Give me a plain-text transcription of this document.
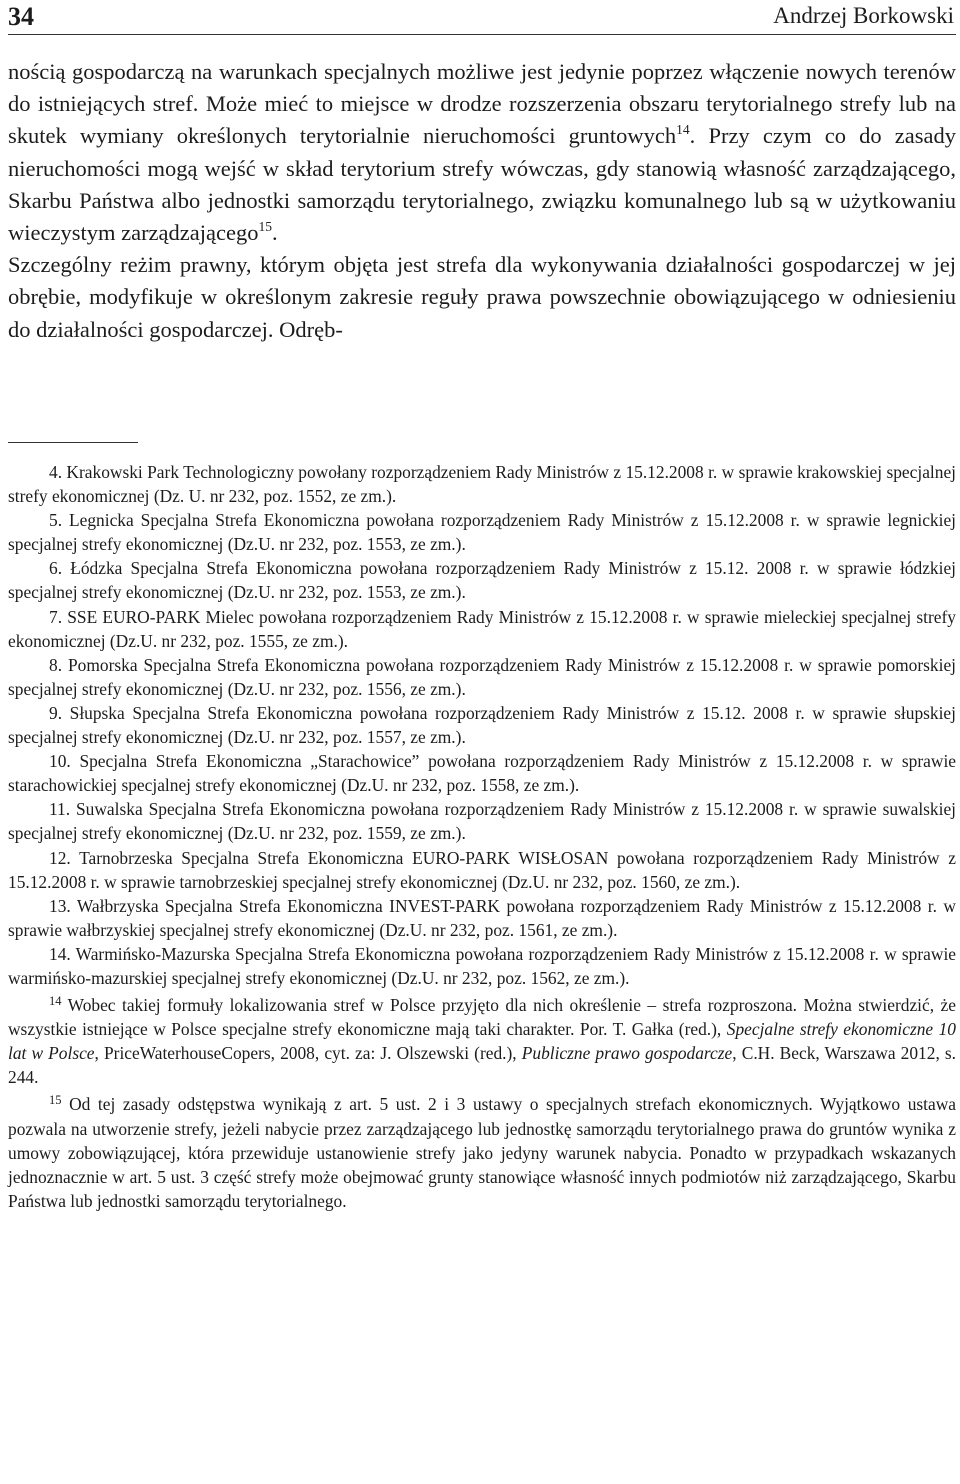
34	Andrzej Borkowski

nością gospodarczą na warunkach specjalnych możliwe jest jedynie poprzez włączenie nowych terenów do istniejących stref. Może mieć to miejsce w drodze rozszerzenia obszaru terytorialnego strefy lub na skutek wymiany określonych terytorialnie nieruchomości gruntowych$^{14}$. Przy czym co do zasady nieruchomości mogą wejść w skład terytorium strefy wówczas, gdy stanowią własność zarządzającego, Skarbu Państwa albo jednostki samorządu terytorialnego, związku komunalnego lub są w użytkowaniu wieczystym zarządzającego$^{15}$.

Szczególny reżim prawny, którym objęta jest strefa dla wykonywania działalności gospodarczej w jej obrębie, modyfikuje w określonym zakresie reguły prawa powszechnie obowiązującego w odniesieniu do działalności gospodarczej. Odręb-

4. Krakowski Park Technologiczny powołany rozporządzeniem Rady Ministrów z 15.12.2008 r. w sprawie krakowskiej specjalnej strefy ekonomicznej (Dz. U. nr 232, poz. 1552, ze zm.).

5. Legnicka Specjalna Strefa Ekonomiczna powołana rozporządzeniem Rady Ministrów z 15.12.2008 r. w sprawie legnickiej specjalnej strefy ekonomicznej (Dz.U. nr 232, poz. 1553, ze zm.).

6. Łódzka Specjalna Strefa Ekonomiczna powołana rozporządzeniem Rady Ministrów z 15.12. 2008 r. w sprawie łódzkiej specjalnej strefy ekonomicznej (Dz.U. nr 232, poz. 1553, ze zm.).

7. SSE EURO-PARK Mielec powołana rozporządzeniem Rady Ministrów z 15.12.2008 r. w sprawie mieleckiej specjalnej strefy ekonomicznej (Dz.U. nr 232, poz. 1555, ze zm.).

8. Pomorska Specjalna Strefa Ekonomiczna powołana rozporządzeniem Rady Ministrów z 15.12.2008 r. w sprawie pomorskiej specjalnej strefy ekonomicznej (Dz.U. nr 232, poz. 1556, ze zm.).

9. Słupska Specjalna Strefa Ekonomiczna powołana rozporządzeniem Rady Ministrów z 15.12. 2008 r. w sprawie słupskiej specjalnej strefy ekonomicznej (Dz.U. nr 232, poz. 1557, ze zm.).

10. Specjalna Strefa Ekonomiczna „Starachowice” powołana rozporządzeniem Rady Ministrów z 15.12.2008 r. w sprawie starachowickiej specjalnej strefy ekonomicznej (Dz.U. nr 232, poz. 1558, ze zm.).

11. Suwalska Specjalna Strefa Ekonomiczna powołana rozporządzeniem Rady Ministrów z 15.12.2008 r. w sprawie suwalskiej specjalnej strefy ekonomicznej (Dz.U. nr 232, poz. 1559, ze zm.).

12. Tarnobrzeska Specjalna Strefa Ekonomiczna EURO-PARK WISŁOSAN powołana rozporządzeniem Rady Ministrów z 15.12.2008 r. w sprawie tarnobrzeskiej specjalnej strefy ekonomicznej (Dz.U. nr 232, poz. 1560, ze zm.).

13. Wałbrzyska Specjalna Strefa Ekonomiczna INVEST-PARK powołana rozporządzeniem Rady Ministrów z 15.12.2008 r. w sprawie wałbrzyskiej specjalnej strefy ekonomicznej (Dz.U. nr 232, poz. 1561, ze zm.).

14. Warmińsko-Mazurska Specjalna Strefa Ekonomiczna powołana rozporządzeniem Rady Ministrów z 15.12.2008 r. w sprawie warmińsko-mazurskiej specjalnej strefy ekonomicznej (Dz.U. nr 232, poz. 1562, ze zm.).

$^{14}$ Wobec takiej formuły lokalizowania stref w Polsce przyjęto dla nich określenie – strefa rozproszona. Można stwierdzić, że wszystkie istniejące w Polsce specjalne strefy ekonomiczne mają taki charakter. Por. T. Gałka (red.), Specjalne strefy ekonomiczne 10 lat w Polsce, PriceWaterhouseCopers, 2008, cyt. za: J. Olszewski (red.), Publiczne prawo gospodarcze, C.H. Beck, Warszawa 2012, s. 244.

$^{15}$ Od tej zasady odstępstwa wynikają z art. 5 ust. 2 i 3 ustawy o specjalnych strefach ekonomicznych. Wyjątkowo ustawa pozwala na utworzenie strefy, jeżeli nabycie przez zarządzającego lub jednostkę samorządu terytorialnego prawa do gruntów wynika z umowy zobowiązującej, która przewiduje ustanowienie strefy jako jedyny warunek nabycia. Ponadto w przypadkach wskazanych jednoznacznie w art. 5 ust. 3 część strefy może obejmować grunty stanowiące własność innych podmiotów niż zarządzającego, Skarbu Państwa lub jednostki samorządu terytorialnego.
